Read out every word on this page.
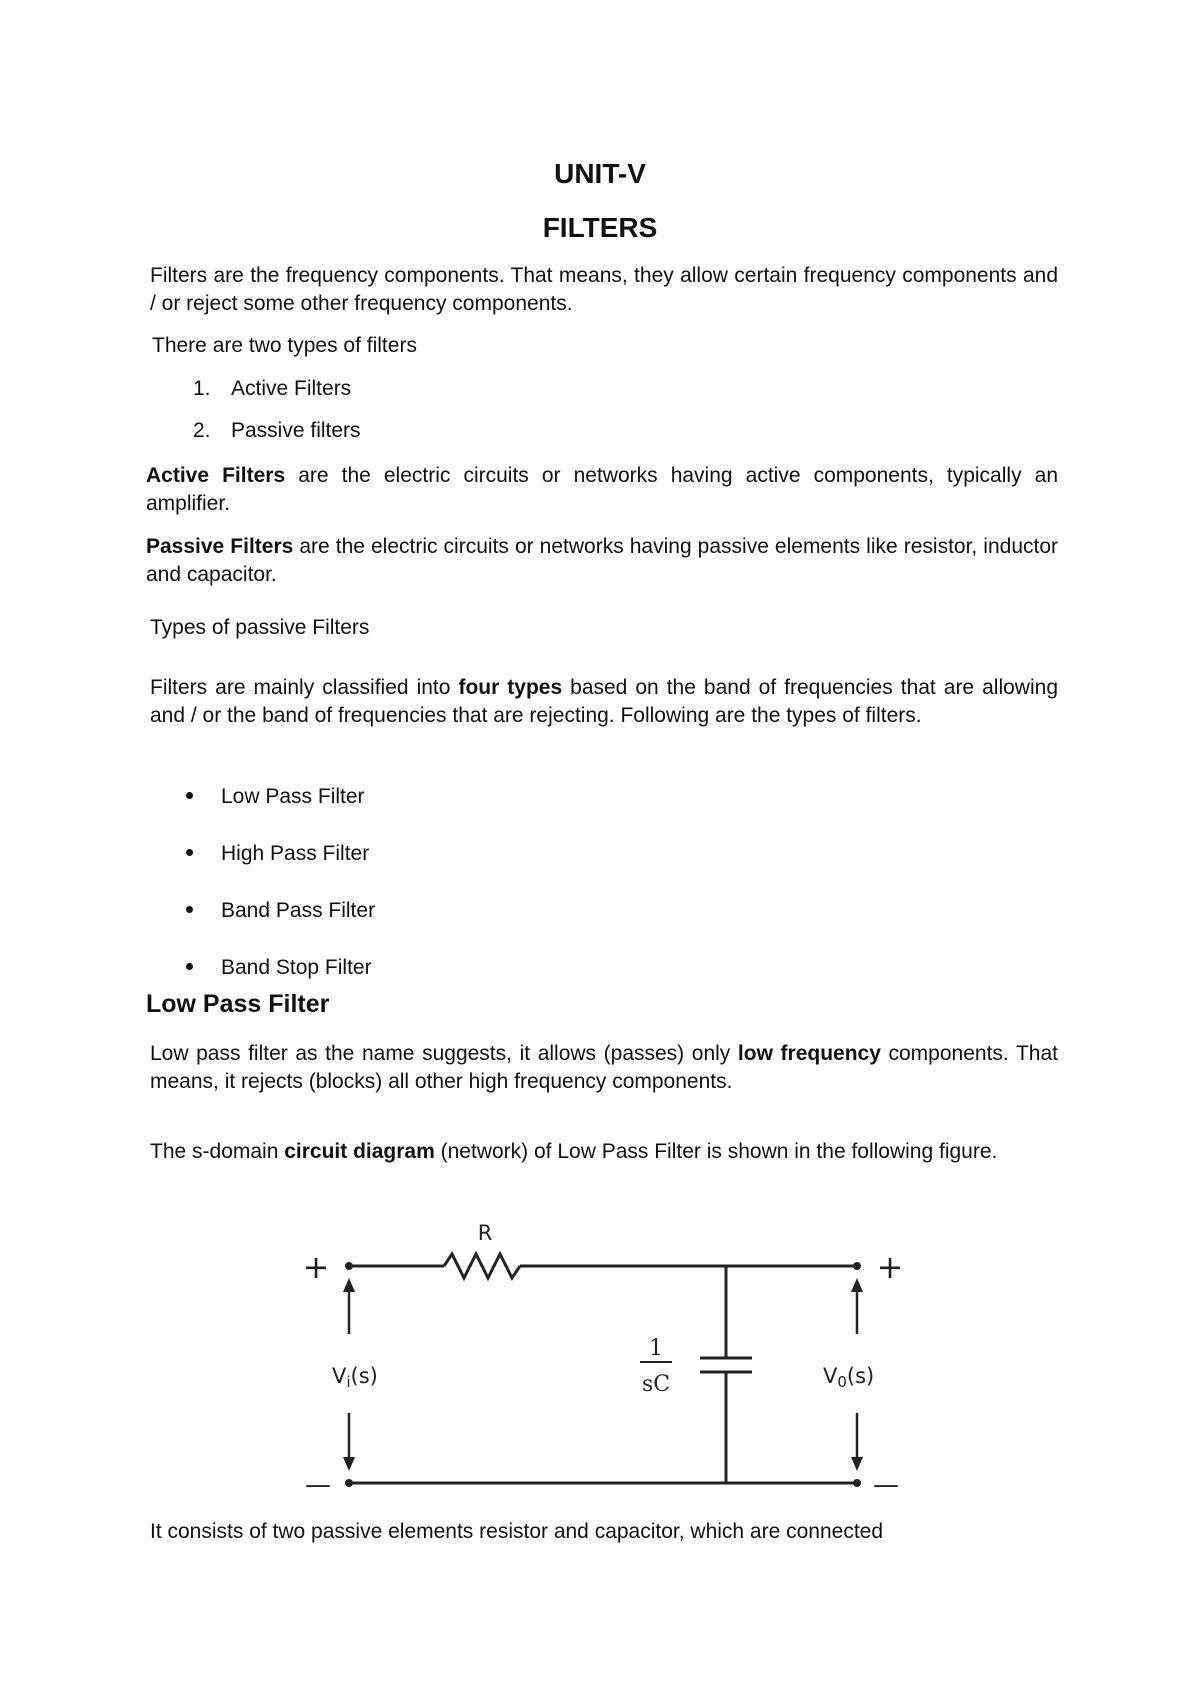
UNIT-V
FILTERS

Filters are the frequency components. That means, they allow certain frequency components and / or reject some other frequency components.

There are two types of filters
1. Active Filters
2. Passive filters

Active Filters are the electric circuits or networks having active components, typically an amplifier.

Passive Filters are the electric circuits or networks having passive elements like resistor, inductor and capacitor.

Types of passive Filters

Filters are mainly classified into four types based on the band of frequencies that are allowing and / or the band of frequencies that are rejecting. Following are the types of filters.

Low Pass Filter
High Pass Filter
Band Pass Filter
Band Stop Filter
Low Pass Filter

Low pass filter as the name suggests, it allows (passes) only low frequency components. That means, it rejects (blocks) all other high frequency components.

The s-domain circuit diagram (network) of Low Pass Filter is shown in the following figure.

+	+
—	—
R
1
sC
Vi(s)	V0(s)

It consists of two passive elements resistor and capacitor, which are connected
